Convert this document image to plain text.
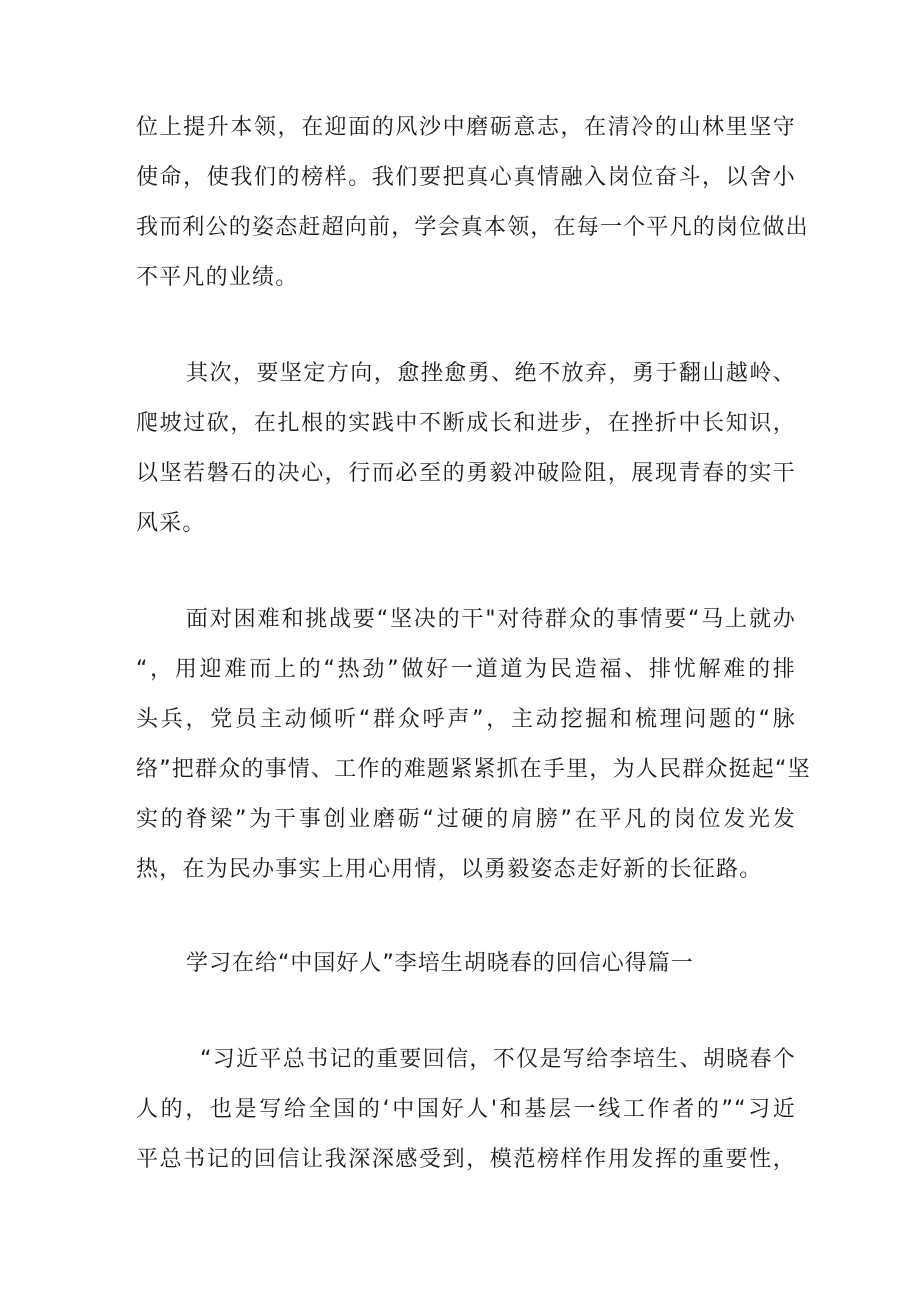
位上提升本领，在迎面的风沙中磨砺意志，在清冷的山林里坚守
使命，使我们的榜样。我们要把真心真情融入岗位奋斗，以舍小
我而利公的姿态赶超向前，学会真本领，在每一个平凡的岗位做出
不平凡的业绩。
其次，要坚定方向，愈挫愈勇、绝不放弃，勇于翻山越岭、
爬坡过砍，在扎根的实践中不断成长和进步，在挫折中长知识，
以坚若磐石的决心，行而必至的勇毅冲破险阻，展现青春的实干
风采。
面对困难和挑战要“坚决的干"对待群众的事情要“马上就办
“，用迎难而上的“热劲”做好一道道为民造福、排忧解难的排
头兵，党员主动倾听“群众呼声”，主动挖掘和梳理问题的“脉
络”把群众的事情、工作的难题紧紧抓在手里，为人民群众挺起“坚
实的脊梁”为干事创业磨砺“过硬的肩膀”在平凡的岗位发光发
热，在为民办事实上用心用情，以勇毅姿态走好新的长征路。
学习在给“中国好人”李培生胡晓春的回信心得篇一
“习近平总书记的重要回信，不仅是写给李培生、胡晓春个
人的，也是写给全国的‘中国好人'和基层一线工作者的”“习近
平总书记的回信让我深深感受到，模范榜样作用发挥的重要性，
